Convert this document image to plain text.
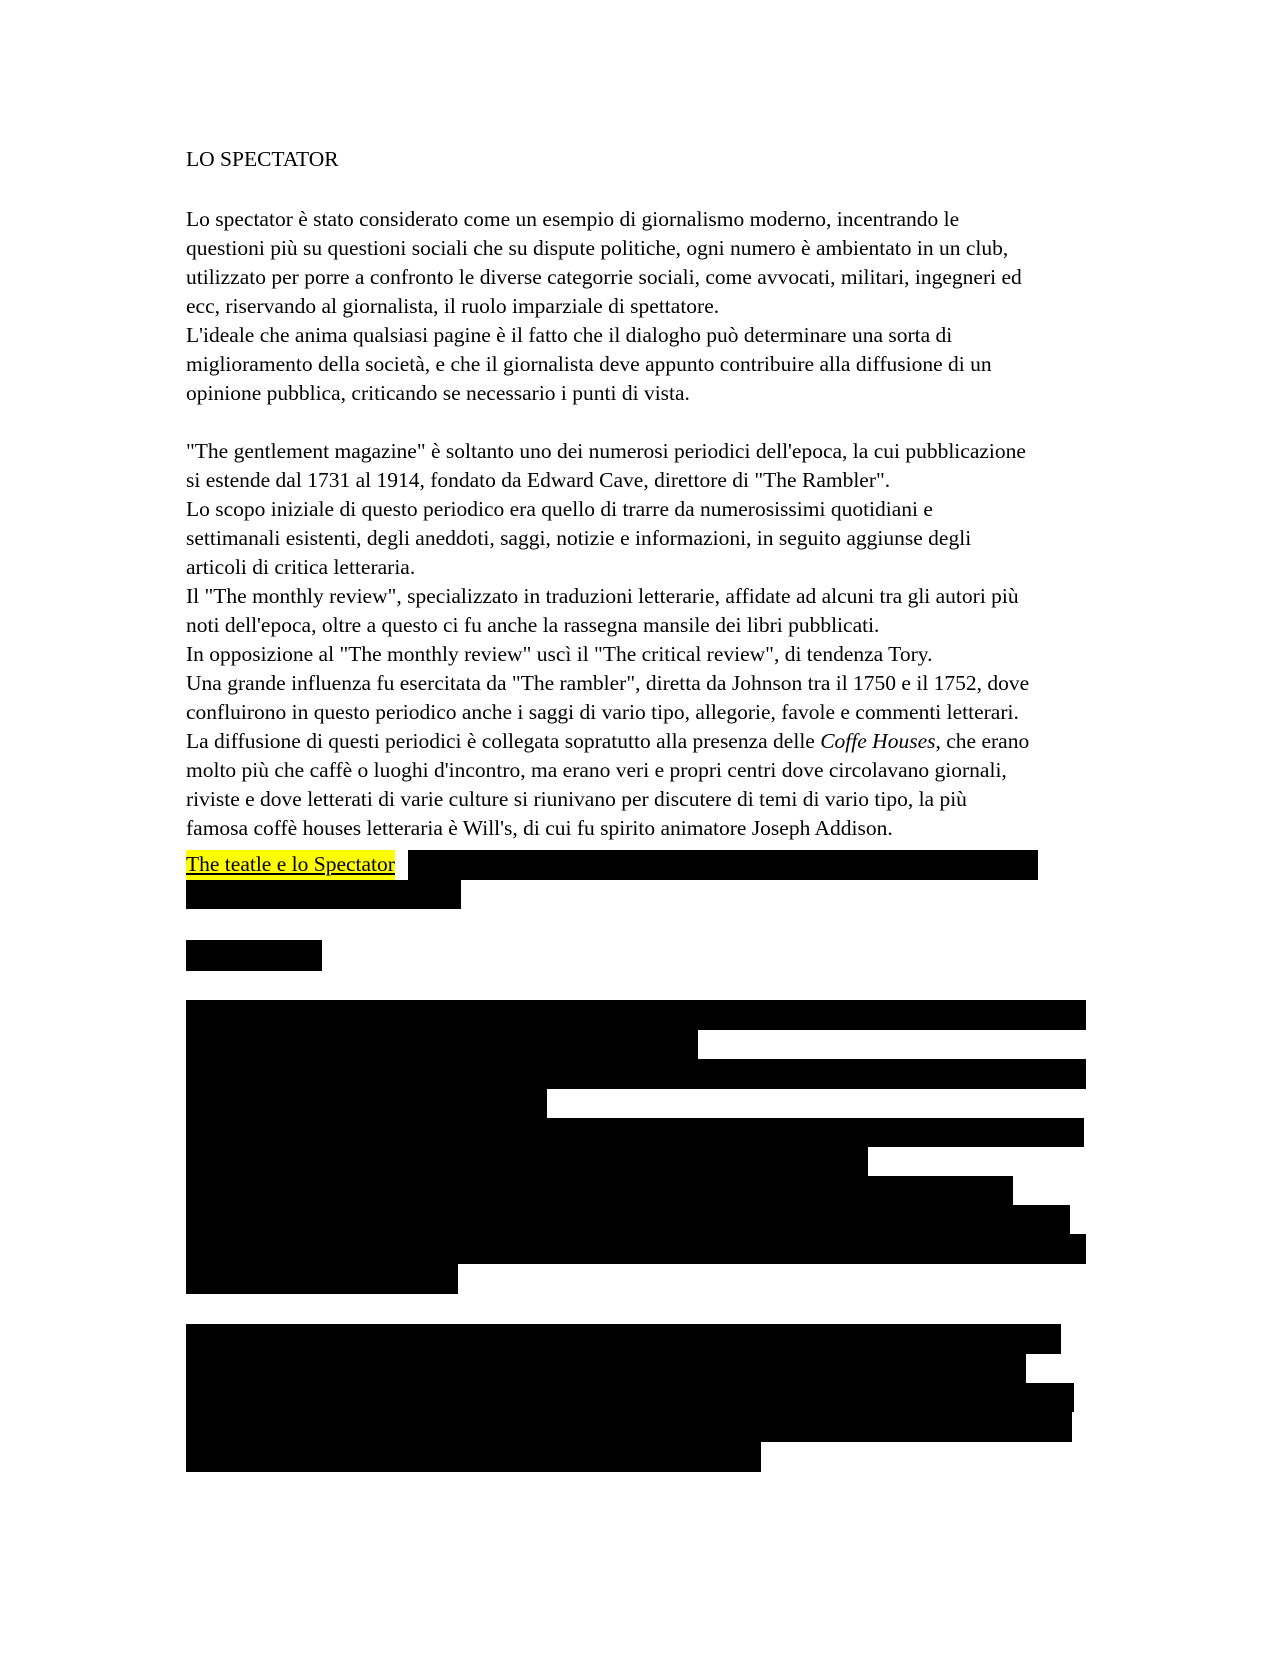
LO SPECTATOR
Lo spectator è stato considerato come un esempio di giornalismo moderno, incentrando le
questioni più su questioni sociali che su dispute politiche, ogni numero è ambientato in un club,
utilizzato per porre a confronto le diverse categorrie sociali, come avvocati, militari, ingegneri ed
ecc, riservando al giornalista, il ruolo imparziale di spettatore.
L'ideale che anima qualsiasi pagine è il fatto che il dialogho può determinare una sorta di
miglioramento della società, e che il giornalista deve appunto contribuire alla diffusione di un
opinione pubblica, criticando se necessario i punti di vista.
"The gentlement magazine" è soltanto uno dei numerosi periodici dell'epoca, la cui pubblicazione
si estende dal 1731 al 1914, fondato da Edward Cave, direttore di "The Rambler".
Lo scopo iniziale di questo periodico era quello di trarre da numerosissimi quotidiani e
settimanali esistenti, degli aneddoti, saggi, notizie e informazioni, in seguito aggiunse degli
articoli di critica letteraria.
Il "The monthly review", specializzato in traduzioni letterarie, affidate ad alcuni tra gli autori più
noti dell'epoca, oltre a questo ci fu anche la rassegna mansile dei libri pubblicati.
In opposizione al "The monthly review" uscì il "The critical review", di tendenza Tory.
Una grande influenza fu esercitata da "The rambler", diretta da Johnson tra il 1750 e il 1752, dove
confluirono in questo periodico anche i saggi di vario tipo, allegorie, favole e commenti letterari.
La diffusione di questi periodici è collegata sopratutto alla presenza delle Coffe Houses, che erano
molto più che caffè o luoghi d'incontro, ma erano veri e propri centri dove circolavano giornali,
riviste e dove letterati di varie culture si riunivano per discutere di temi di vario tipo, la più
famosa coffè houses letteraria è Will's, di cui fu spirito animatore Joseph Addison.
The teatle e lo Spectator
